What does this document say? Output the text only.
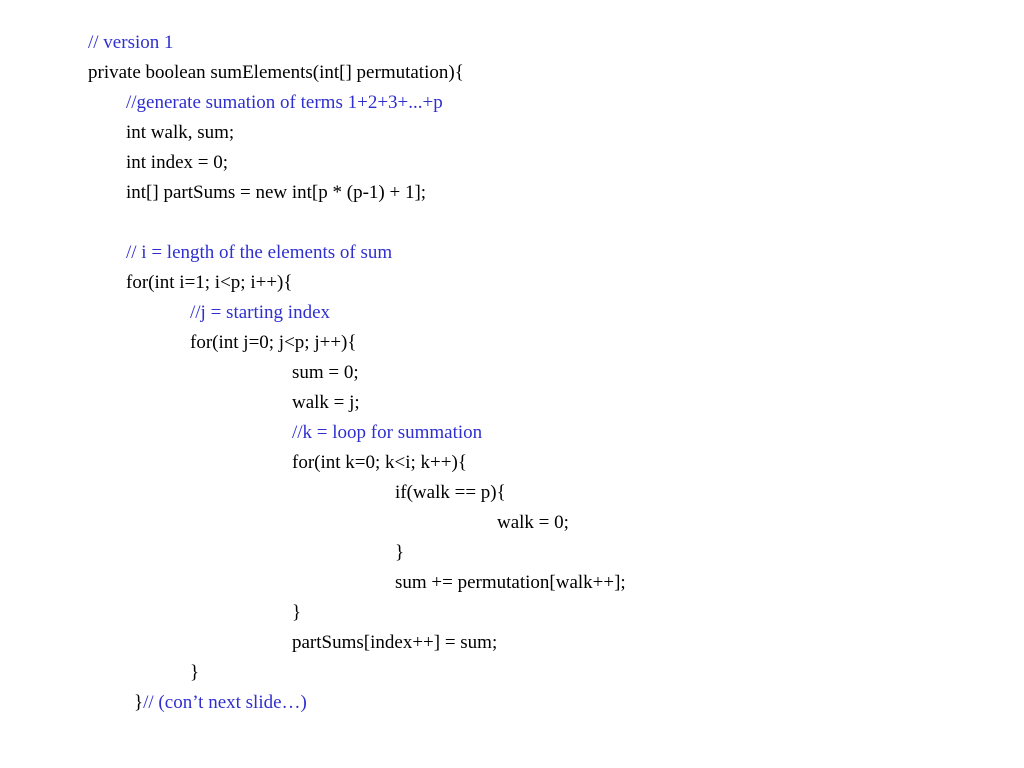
// version 1
private boolean sumElements(int[] permutation){
//generate sumation of terms 1+2+3+...+p
int walk, sum;
int index = 0;
int[] partSums = new int[p * (p-1) + 1];
// i = length of the elements of sum
for(int i=1; i<p; i++){
//j = starting index
for(int j=0; j<p; j++){
sum = 0;
walk = j;
//k = loop for summation
for(int k=0; k<i; k++){
if(walk == p){
walk = 0;
}
sum += permutation[walk++];
}
partSums[index++] = sum;
}
}// (con’t next slide…)
